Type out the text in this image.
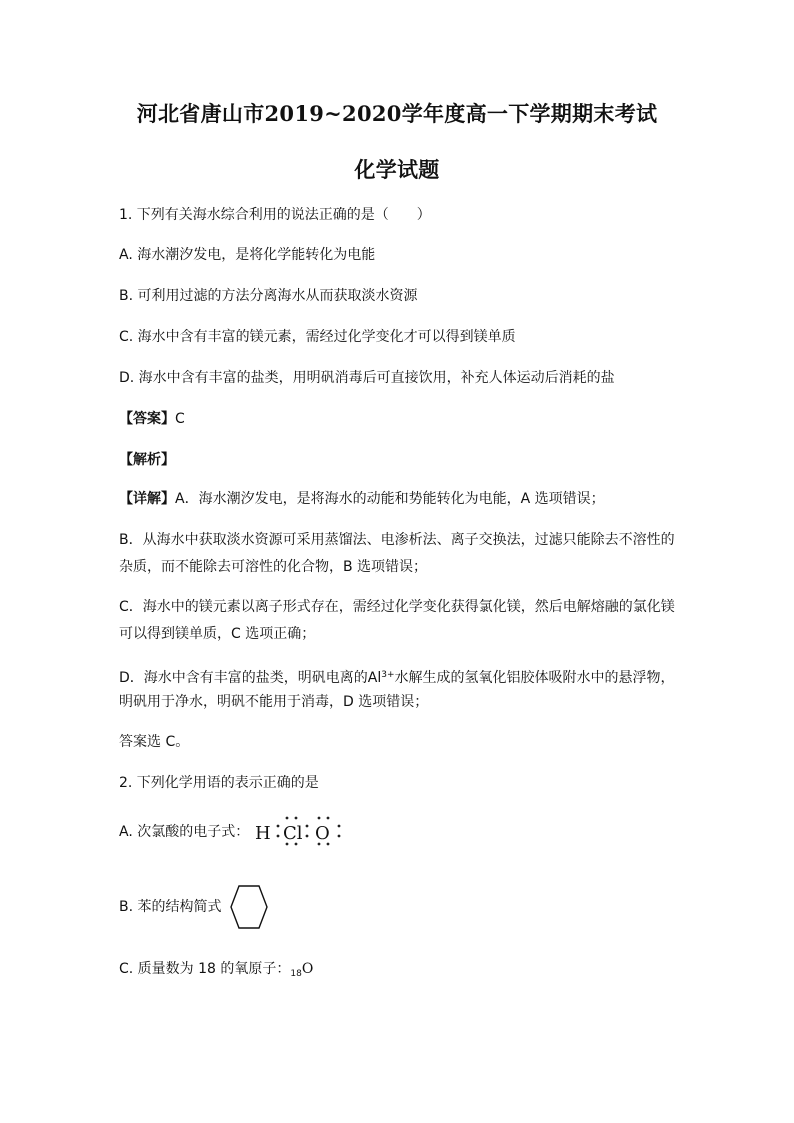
河北省唐山市2019~2020学年度高一下学期期末考试
化学试题
1. 下列有关海水综合利用的说法正确的是（　　）
A. 海水潮汐发电，是将化学能转化为电能
B. 可利用过滤的方法分离海水从而获取淡水资源
C. 海水中含有丰富的镁元素，需经过化学变化才可以得到镁单质
D. 海水中含有丰富的盐类，用明矾消毒后可直接饮用，补充人体运动后消耗的盐
【答案】C
【解析】
【详解】A．海水潮汐发电，是将海水的动能和势能转化为电能，A 选项错误；
B．从海水中获取淡水资源可采用蒸馏法、电渗析法、离子交换法，过滤只能除去不溶性的
杂质，而不能除去可溶性的化合物，B 选项错误；
C．海水中的镁元素以离子形式存在，需经过化学变化获得氯化镁，然后电解熔融的氯化镁
可以得到镁单质，C 选项正确；
D．海水中含有丰富的盐类，明矾电离的$Al^{3+}$水解生成的氢氧化铝胶体吸附水中的悬浮物，
明矾用于净水，明矾不能用于消毒，D 选项错误；
答案选 C。
2. 下列化学用语的表示正确的是
A. 次氯酸的电子式： H Cl O
B. 苯的结构简式
C. 质量数为 18 的氧原子：$_{18}$O
